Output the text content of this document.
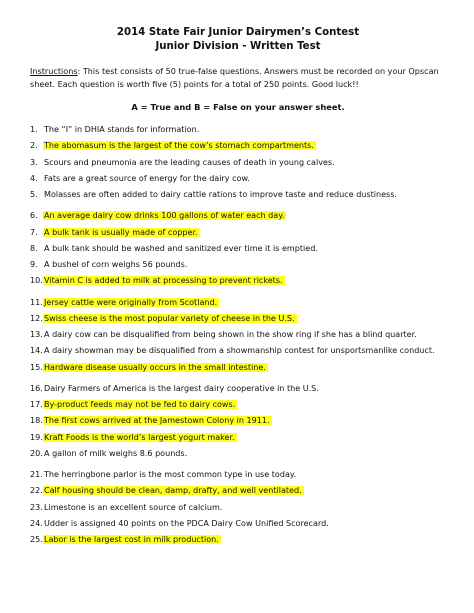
2014 State Fair Junior Dairymen’s Contest
Junior Division - Written Test
Instructions: This test consists of 50 true-false questions. Answers must be recorded on your Opscan sheet. Each question is worth five (5) points for a total of 250 points. Good luck!!
A = True and B = False on your answer sheet.
1. The “I” in DHIA stands for information.
2. The abomasum is the largest of the cow’s stomach compartments.
3. Scours and pneumonia are the leading causes of death in young calves.
4. Fats are a great source of energy for the dairy cow.
5. Molasses are often added to dairy cattle rations to improve taste and reduce dustiness.
6. An average dairy cow drinks 100 gallons of water each day.
7. A bulk tank is usually made of copper.
8. A bulk tank should be washed and sanitized ever time it is emptied.
9. A bushel of corn weighs 56 pounds.
10.Vitamin C is added to milk at processing to prevent rickets.
11.Jersey cattle were originally from Scotland.
12.Swiss cheese is the most popular variety of cheese in the U.S.
13.A dairy cow can be disqualified from being shown in the show ring if she has a blind quarter.
14.A dairy showman may be disqualified from a showmanship contest for unsportsmanlike conduct.
15.Hardware disease usually occurs in the small intestine.
16.Dairy Farmers of America is the largest dairy cooperative in the U.S.
17.By-product feeds may not be fed to dairy cows.
18.The first cows arrived at the Jamestown Colony in 1911.
19.Kraft Foods is the world’s largest yogurt maker.
20.A gallon of milk weighs 8.6 pounds.
21.The herringbone parlor is the most common type in use today.
22.Calf housing should be clean, damp, drafty, and well ventilated.
23.Limestone is an excellent source of calcium.
24.Udder is assigned 40 points on the PDCA Dairy Cow Unified Scorecard.
25.Labor is the largest cost in milk production.
